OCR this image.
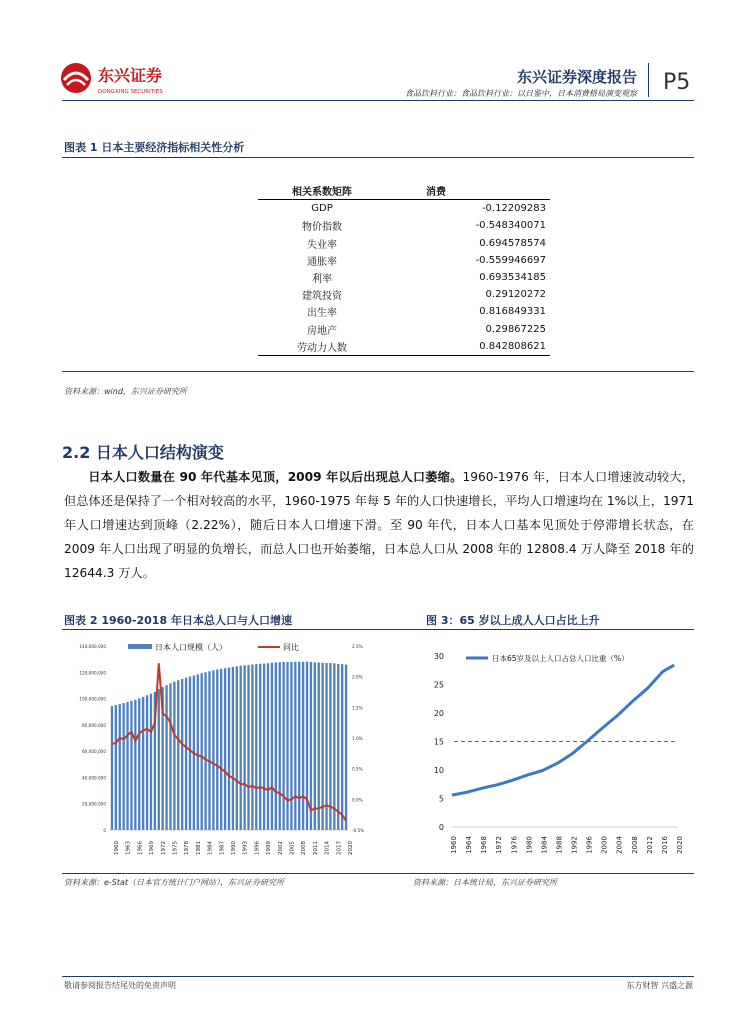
东兴证券
DONGXING SECURITIES
东兴证券深度报告
食品饮料行业：食品饮料行业：以日鉴中，日本消费格局演变观察 P5
图表 1 日本主要经济指标相关性分析
相关系数矩阵	消费
GDP	-0.12209283
物价指数	-0.548340071
失业率	0.694578574
通胀率	-0.559946697
利率	0.693534185
建筑投资	0.29120272
出生率	0.816849331
房地产	0.29867225
劳动力人数	0.842808621
资料来源：wind，东兴证券研究所
2.2 日本人口结构演变
日本人口数量在 90 年代基本见顶，2009 年以后出现总人口萎缩。1960-1976 年，日本人口增速波动较大，但总体还是保持了一个相对较高的水平，1960-1975 年每 5 年的人口快速增长，平均人口增速均在 1%以上，1971 年人口增速达到顶峰（2.22%），随后日本人口增速下滑。至 90 年代，日本人口基本见顶处于停滞增长状态，在 2009 年人口出现了明显的负增长，而总人口也开始萎缩，日本总人口从 2008 年的 12808.4 万人降至 2018 年的 12644.3 万人。
图表 2 1960-2018 年日本总人口与人口增速	图 3：65 岁以上成人人口占比上升
0
20,000,000
40,000,000
60,000,000
80,000,000
100,000,000
120,000,000
140,000,000
-0.5%
0.0%
0.5%
1.0%
1.5%
2.0%
2.5%
1960 1963 1966 1969 1972 1975 1978 1981 1984 1987 1990 1993 1996 1999 2002 2005 2008 2011 2014 2017 2020
日本人口规模（人）	同比
0
5
10
15
20
25
30
1960 1964 1968 1972 1976 1980 1984 1988 1992 1996 2000 2004 2008 2012 2016 2020
日本65岁及以上人口占总人口比重（%）
资料来源：e-Stat（日本官方统计门户网站），东兴证券研究所	资料来源：日本统计局，东兴证券研究所
敬请参阅报告结尾处的免责声明	东方财智 兴盛之源
